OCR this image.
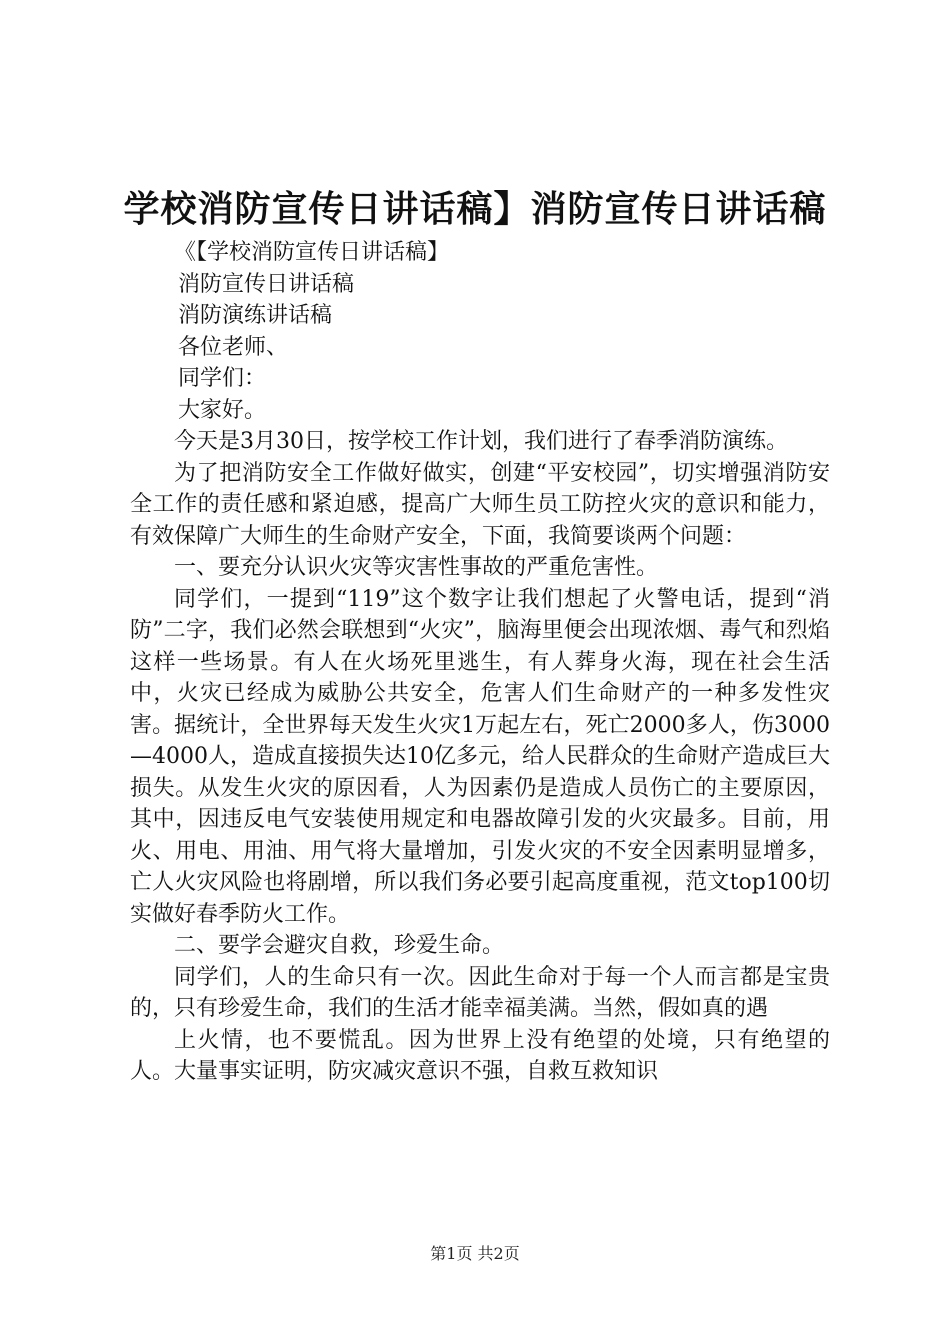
学校消防宣传日讲话稿】消防宣传日讲话稿

《【学校消防宣传日讲话稿】

消防宣传日讲话稿

消防演练讲话稿

各位老师、

同学们：

大家好。

今天是3月30日，按学校工作计划，我们进行了春季消防演练。

为了把消防安全工作做好做实，创建“平安校园”，切实增强消防安全工作的责任感和紧迫感，提高广大师生员工防控火灾的意识和能力，有效保障广大师生的生命财产安全，下面，我简要谈两个问题：

一、要充分认识火灾等灾害性事故的严重危害性。

同学们，一提到“119”这个数字让我们想起了火警电话，提到“消防”二字，我们必然会联想到“火灾”，脑海里便会出现浓烟、毒气和烈焰这样一些场景。有人在火场死里逃生，有人葬身火海，现在社会生活中，火灾已经成为威胁公共安全，危害人们生命财产的一种多发性灾害。据统计，全世界每天发生火灾1万起左右，死亡2000多人，伤3000—4000人，造成直接损失达10亿多元，给人民群众的生命财产造成巨大损失。从发生火灾的原因看，人为因素仍是造成人员伤亡的主要原因，其中，因违反电气安装使用规定和电器故障引发的火灾最多。目前，用火、用电、用油、用气将大量增加，引发火灾的不安全因素明显增多，亡人火灾风险也将剧增，所以我们务必要引起高度重视，范文top100切实做好春季防火工作。

二、要学会避灾自救，珍爱生命。

同学们，人的生命只有一次。因此生命对于每一个人而言都是宝贵的，只有珍爱生命，我们的生活才能幸福美满。当然，假如真的遇

上火情，也不要慌乱。因为世界上没有绝望的处境，只有绝望的人。大量事实证明，防灾减灾意识不强，自救互救知识

第1页 共2页
